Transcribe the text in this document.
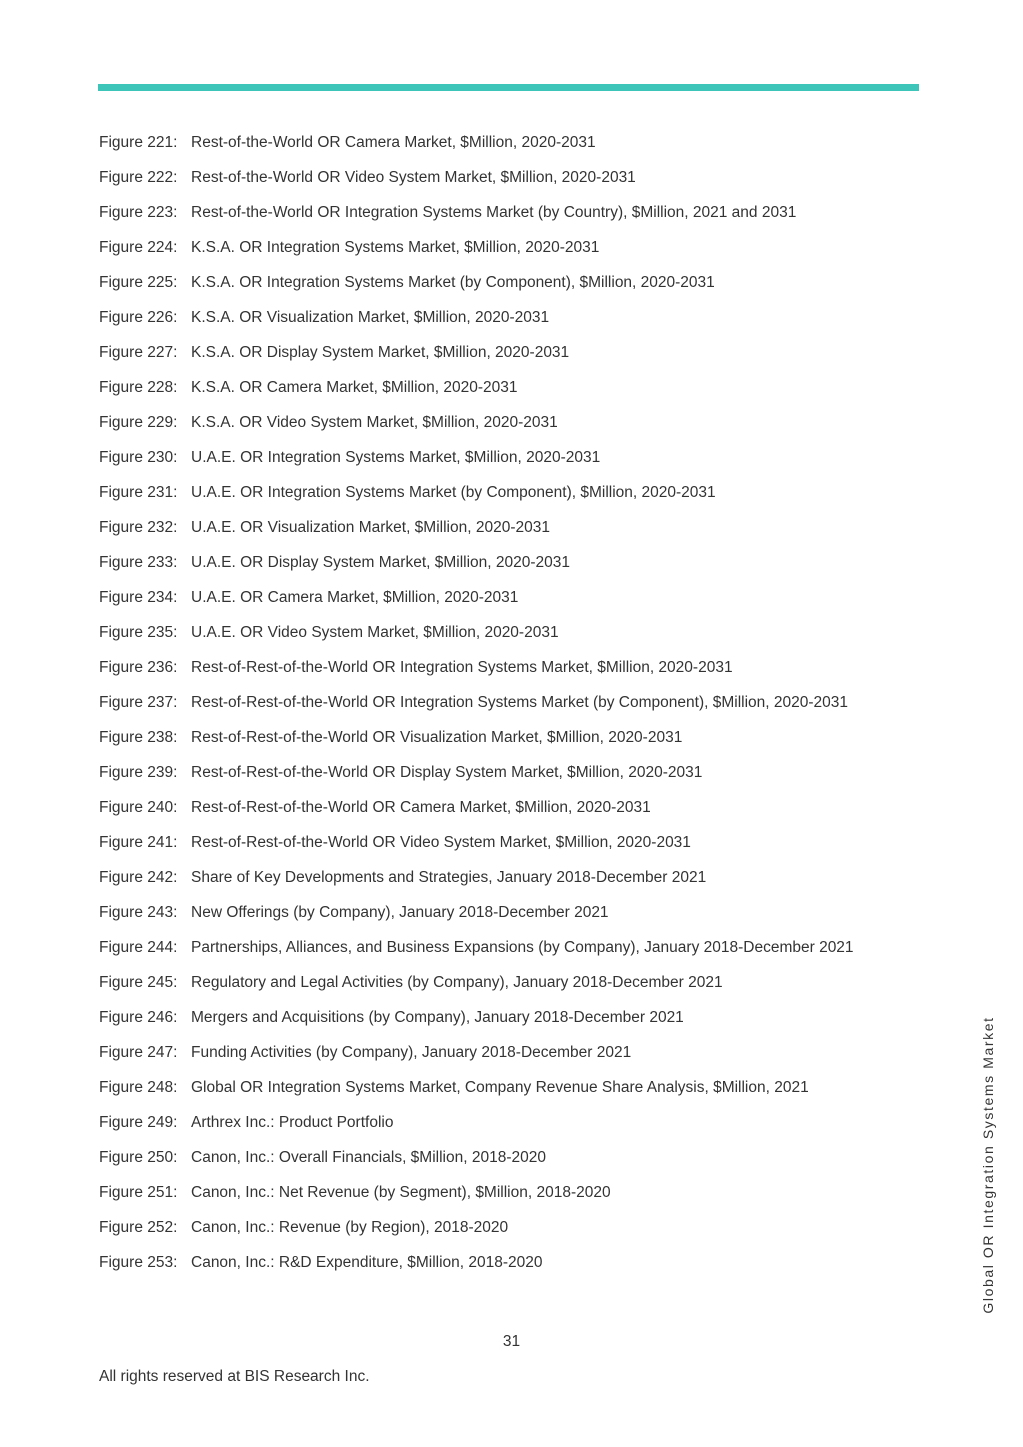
Figure 221: Rest-of-the-World OR Camera Market, $Million, 2020-2031
Figure 222: Rest-of-the-World OR Video System Market, $Million, 2020-2031
Figure 223: Rest-of-the-World OR Integration Systems Market (by Country), $Million, 2021 and 2031
Figure 224: K.S.A. OR Integration Systems Market, $Million, 2020-2031
Figure 225: K.S.A. OR Integration Systems Market (by Component), $Million, 2020-2031
Figure 226: K.S.A. OR Visualization Market, $Million, 2020-2031
Figure 227: K.S.A. OR Display System Market, $Million, 2020-2031
Figure 228: K.S.A. OR Camera Market, $Million, 2020-2031
Figure 229: K.S.A. OR Video System Market, $Million, 2020-2031
Figure 230: U.A.E. OR Integration Systems Market, $Million, 2020-2031
Figure 231: U.A.E. OR Integration Systems Market (by Component), $Million, 2020-2031
Figure 232: U.A.E. OR Visualization Market, $Million, 2020-2031
Figure 233: U.A.E. OR Display System Market, $Million, 2020-2031
Figure 234: U.A.E. OR Camera Market, $Million, 2020-2031
Figure 235: U.A.E. OR Video System Market, $Million, 2020-2031
Figure 236: Rest-of-Rest-of-the-World OR Integration Systems Market, $Million, 2020-2031
Figure 237: Rest-of-Rest-of-the-World OR Integration Systems Market (by Component), $Million, 2020-2031
Figure 238: Rest-of-Rest-of-the-World OR Visualization Market, $Million, 2020-2031
Figure 239: Rest-of-Rest-of-the-World OR Display System Market, $Million, 2020-2031
Figure 240: Rest-of-Rest-of-the-World OR Camera Market, $Million, 2020-2031
Figure 241: Rest-of-Rest-of-the-World OR Video System Market, $Million, 2020-2031
Figure 242: Share of Key Developments and Strategies, January 2018-December 2021
Figure 243: New Offerings (by Company), January 2018-December 2021
Figure 244: Partnerships, Alliances, and Business Expansions (by Company), January 2018-December 2021
Figure 245: Regulatory and Legal Activities (by Company), January 2018-December 2021
Figure 246: Mergers and Acquisitions (by Company), January 2018-December 2021
Figure 247: Funding Activities (by Company), January 2018-December 2021
Figure 248: Global OR Integration Systems Market, Company Revenue Share Analysis, $Million, 2021
Figure 249: Arthrex Inc.: Product Portfolio
Figure 250: Canon, Inc.: Overall Financials, $Million, 2018-2020
Figure 251: Canon, Inc.: Net Revenue (by Segment), $Million, 2018-2020
Figure 252: Canon, Inc.: Revenue (by Region), 2018-2020
Figure 253: Canon, Inc.: R&D Expenditure, $Million, 2018-2020
31
All rights reserved at BIS Research Inc.
Global OR Integration Systems Market
